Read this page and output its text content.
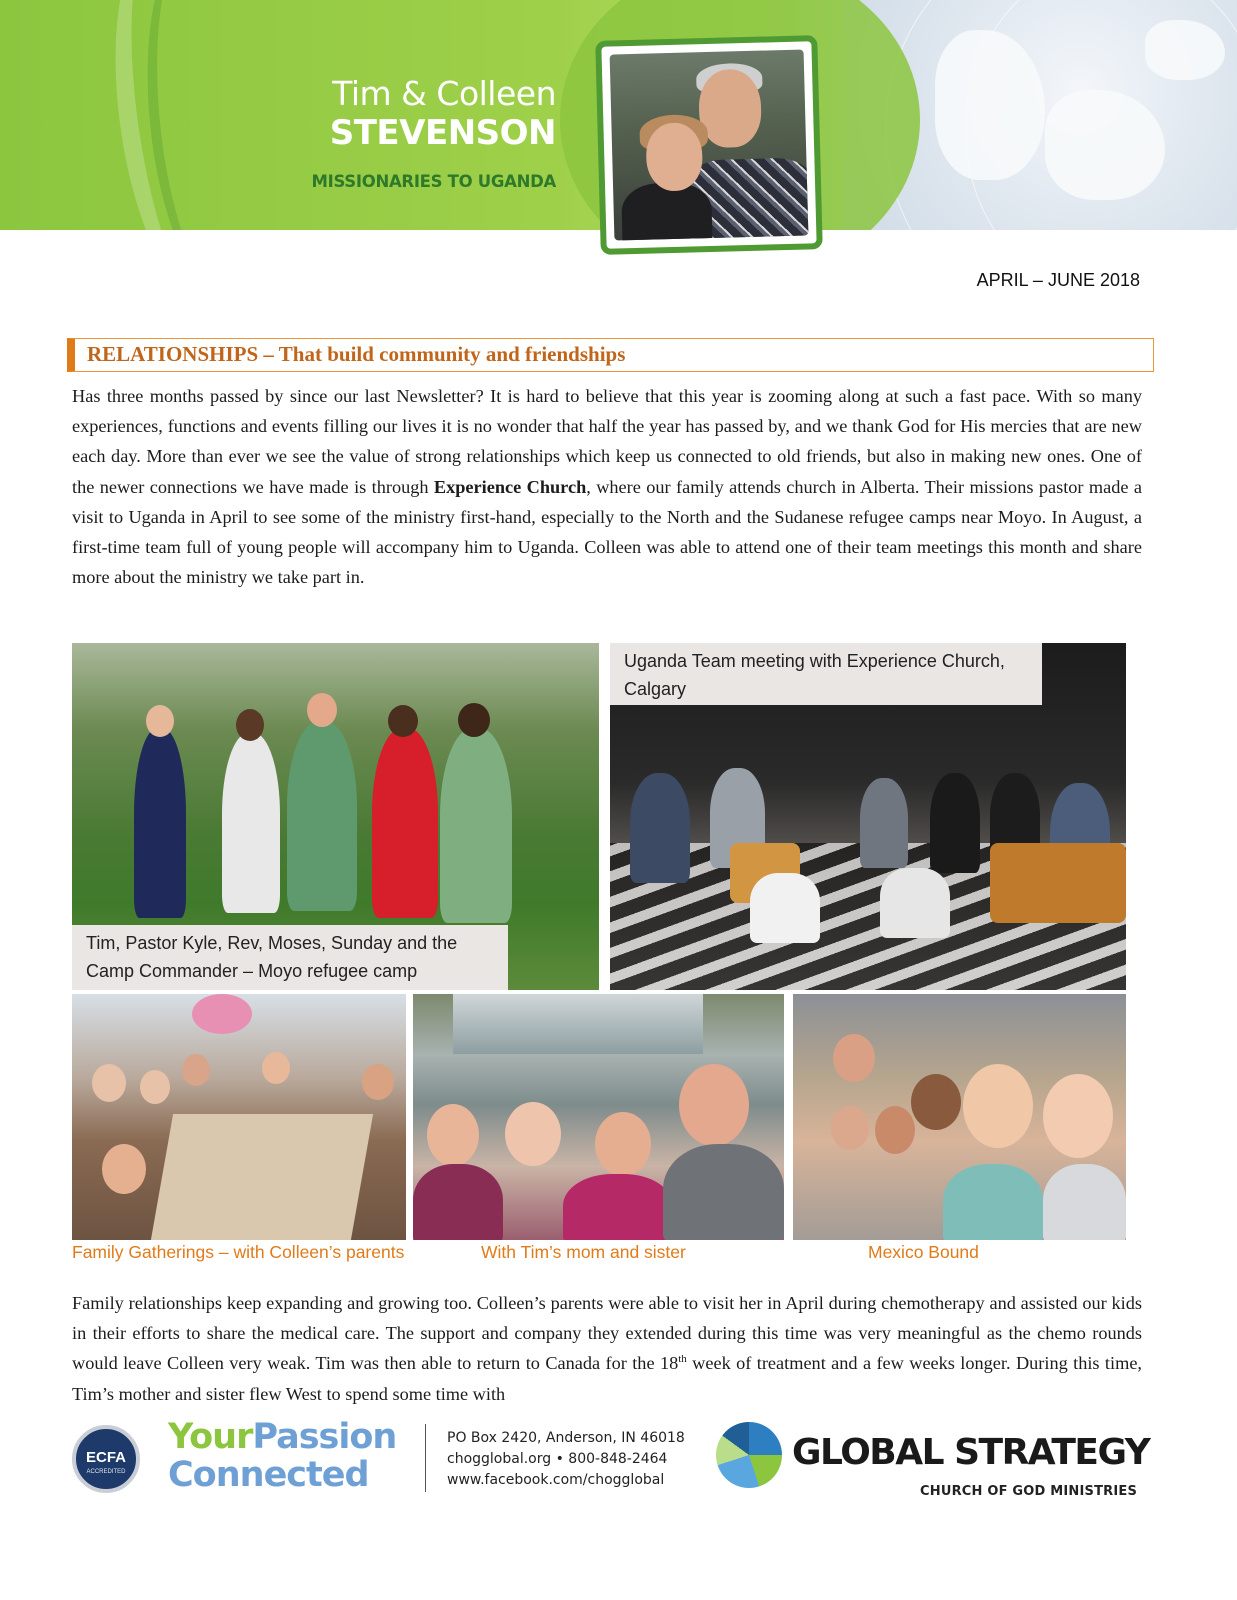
Tim & Colleen
STEVENSON
MISSIONARIES TO UGANDA
APRIL – JUNE 2018
RELATIONSHIPS – That build community and friendships
Has three months passed by since our last Newsletter? It is hard to believe that this year is zooming along at such a fast pace. With so many experiences, functions and events filling our lives it is no wonder that half the year has passed by, and we thank God for His mercies that are new each day. More than ever we see the value of strong relationships which keep us connected to old friends, but also in making new ones. One of the newer connections we have made is through Experience Church, where our family attends church in Alberta. Their missions pastor made a visit to Uganda in April to see some of the ministry first-hand, especially to the North and the Sudanese refugee camps near Moyo. In August, a first-time team full of young people will accompany him to Uganda. Colleen was able to attend one of their team meetings this month and share more about the ministry we take part in.
Tim, Pastor Kyle, Rev, Moses, Sunday and the Camp Commander – Moyo refugee camp
Uganda Team meeting with Experience Church, Calgary
Family Gatherings – with Colleen’s parents	With Tim’s mom and sister	Mexico Bound
Family relationships keep expanding and growing too. Colleen’s parents were able to visit her in April during chemotherapy and assisted our kids in their efforts to share the medical care. The support and company they extended during this time was very meaningful as the chemo rounds would leave Colleen very weak. Tim was then able to return to Canada for the 18th week of treatment and a few weeks longer. During this time, Tim’s mother and sister flew West to spend some time with
ECFA
ACCREDITED
YourPassion
Connected
PO Box 2420, Anderson, IN 46018
chogglobal.org • 800-848-2464
www.facebook.com/chogglobal
GLOBAL STRATEGY
CHURCH OF GOD MINISTRIES
